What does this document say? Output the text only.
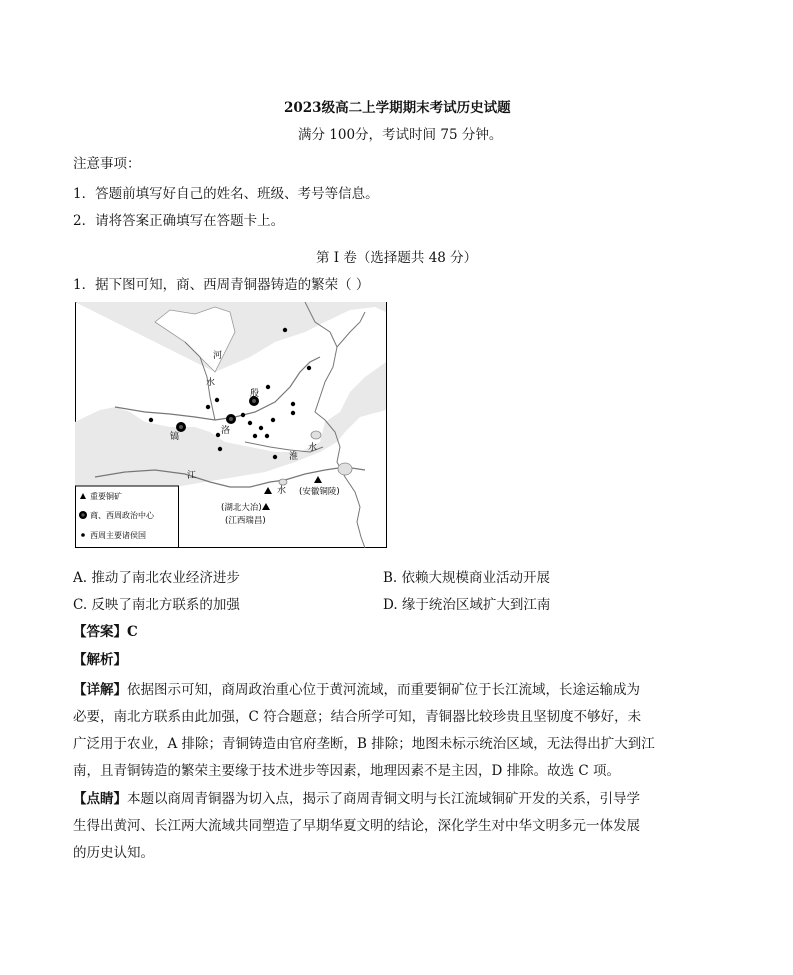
2023级高二上学期期末考试历史试题
满分 100分，考试时间 75 分钟。
注意事项：
1．答题前填写好自己的姓名、班级、考号等信息。
2．请将答案正确填写在答题卡上。
第 I 卷（选择题共 48 分）
1．据下图可知，商、西周青铜器铸造的繁荣（ ）
河
水
殷
镐
洛
淮
水
江
水 (安徽铜陵)
(湖北大冶)
(江西瑞昌)
重要铜矿
商、西周政治中心
西周主要诸侯国
A. 推动了南北农业经济进步	B. 依赖大规模商业活动开展
C. 反映了南北方联系的加强	D. 缘于统治区域扩大到江南
【答案】C
【解析】
【详解】依据图示可知，商周政治重心位于黄河流域，而重要铜矿位于长江流域，长途运输成为
必要，南北方联系由此加强，C 符合题意；结合所学可知，青铜器比较珍贵且坚韧度不够好，未
广泛用于农业，A 排除；青铜铸造由官府垄断，B 排除；地图未标示统治区域，无法得出扩大到江
南，且青铜铸造的繁荣主要缘于技术进步等因素，地理因素不是主因，D 排除。故选 C 项。
【点睛】本题以商周青铜器为切入点，揭示了商周青铜文明与长江流域铜矿开发的关系，引导学
生得出黄河、长江两大流域共同塑造了早期华夏文明的结论，深化学生对中华文明多元一体发展
的历史认知。
